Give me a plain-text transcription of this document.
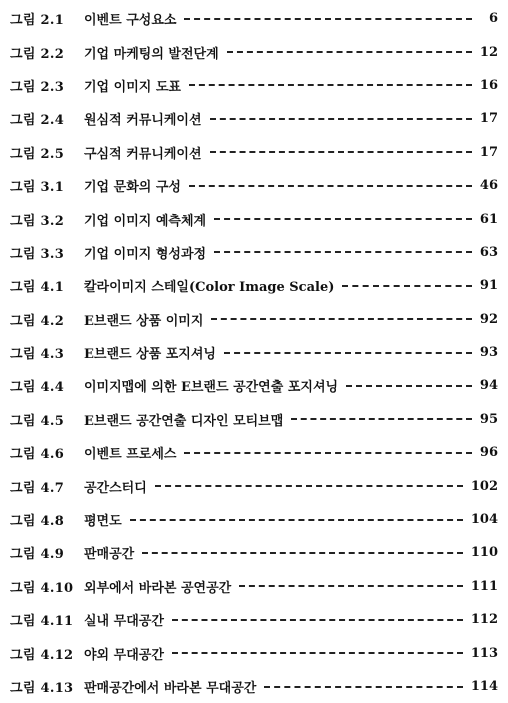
그림 2.1	이벤트 구성요소	6
그림 2.2	기업 마케팅의 발전단계	12
그림 2.3	기업 이미지 도표	16
그림 2.4	원심적 커뮤니케이션	17
그림 2.5	구심적 커뮤니케이션	17
그림 3.1	기업 문화의 구성	46
그림 3.2	기업 이미지 예측체계	61
그림 3.3	기업 이미지 형성과정	63
그림 4.1	칼라이미지 스테일(Color Image Scale)	91
그림 4.2	E브랜드 상품 이미지	92
그림 4.3	E브랜드 상품 포지셔닝	93
그림 4.4	이미지맵에 의한 E브랜드 공간연출 포지셔닝	94
그림 4.5	E브랜드 공간연출 디자인 모티브맵	95
그림 4.6	이벤트 프로세스	96
그림 4.7	공간스터디	102
그림 4.8	평면도	104
그림 4.9	판매공간	110
그림 4.10 외부에서 바라본 공연공간	111
그림 4.11 실내 무대공간	112
그림 4.12 야외 무대공간	113
그림 4.13 판매공간에서 바라본 무대공간	114
